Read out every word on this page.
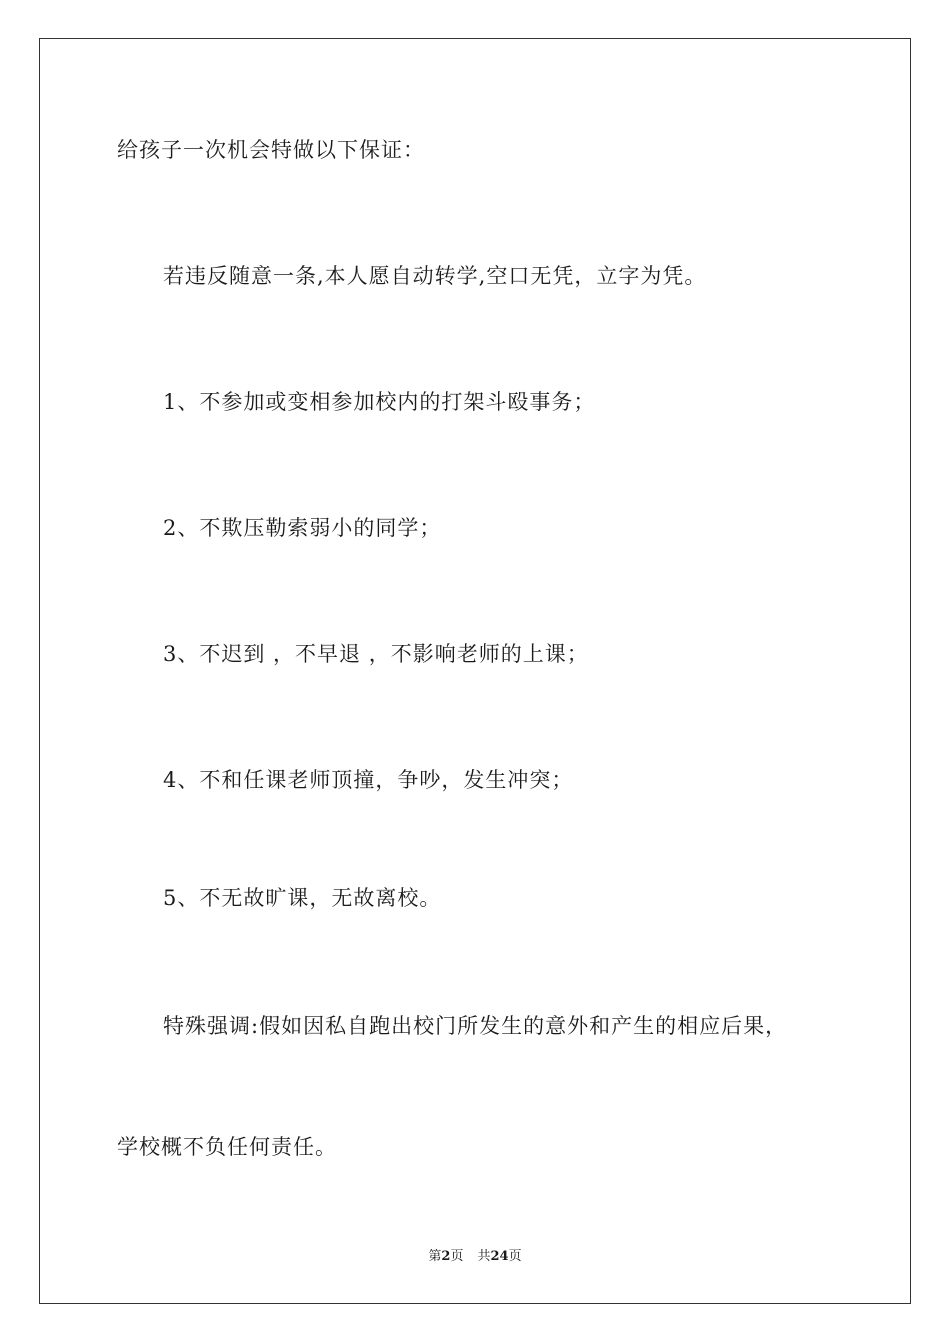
给孩子一次机会特做以下保证：
若违反随意一条,本人愿自动转学,空口无凭，立字为凭。
1、不参加或变相参加校内的打架斗殴事务；
2、不欺压勒索弱小的同学；
3、不迟到 ，不早退 ，不影响老师的上课；
4、不和任课老师顶撞，争吵，发生冲突；
5、不无故旷课，无故离校。
特殊强调:假如因私自跑出校门所发生的意外和产生的相应后果，
学校概不负任何责任。
第2页 共24页
